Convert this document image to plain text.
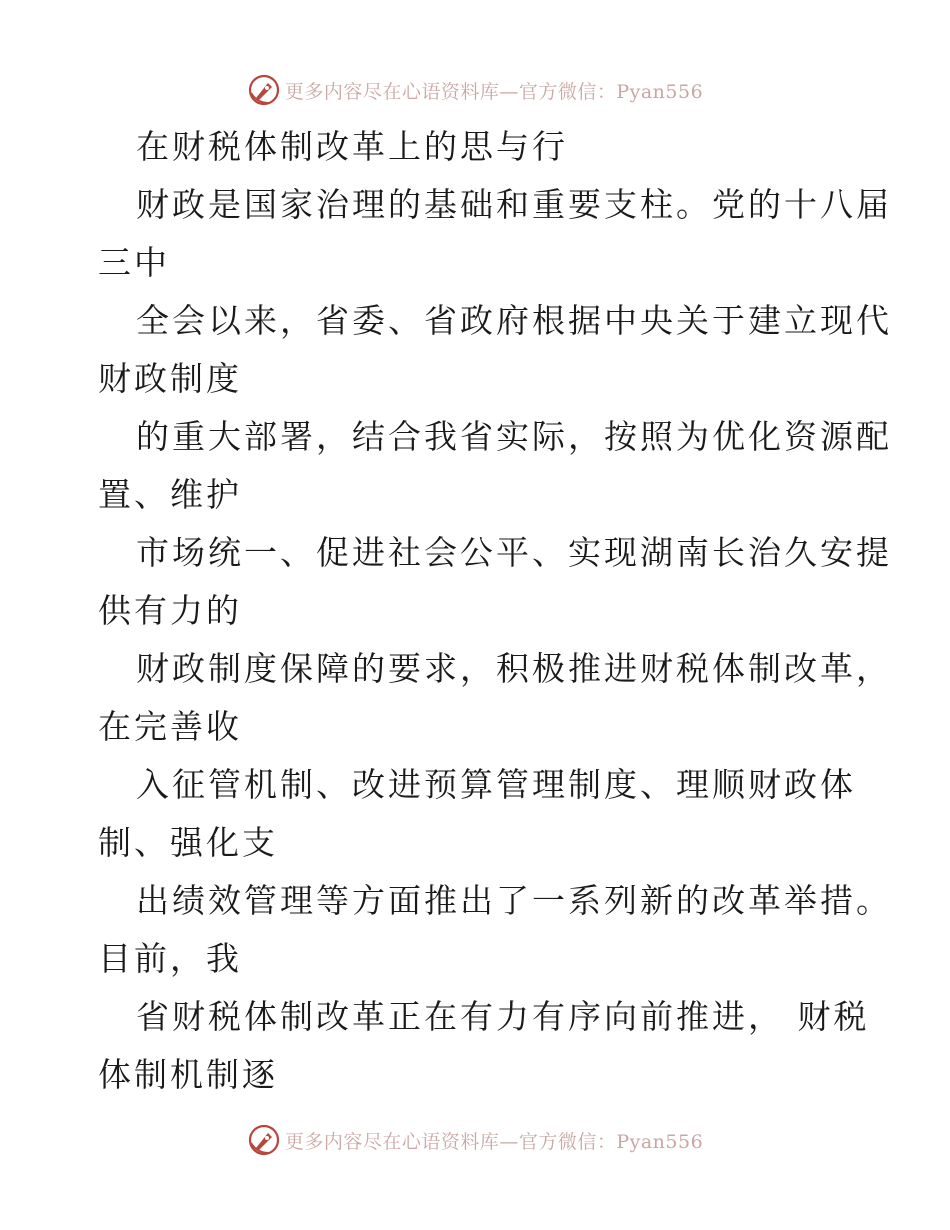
更多内容尽在心语资料库—官方微信：Pyan556

在财税体制改革上的思与行

财政是国家治理的基础和重要支柱。党的十八届
三中

全会以来，省委、省政府根据中央关于建立现代
财政制度

的重大部署，结合我省实际，按照为优化资源配
置、维护

市场统一、促进社会公平、实现湖南长治久安提
供有力的

财政制度保障的要求，积极推进财税体制改革，
在完善收

入征管机制、改进预算管理制度、理顺财政体
制、强化支

出绩效管理等方面推出了一系列新的改革举措。
目前，我

省财税体制改革正在有力有序向前推进， 财税
体制机制逐

更多内容尽在心语资料库—官方微信：Pyan556
